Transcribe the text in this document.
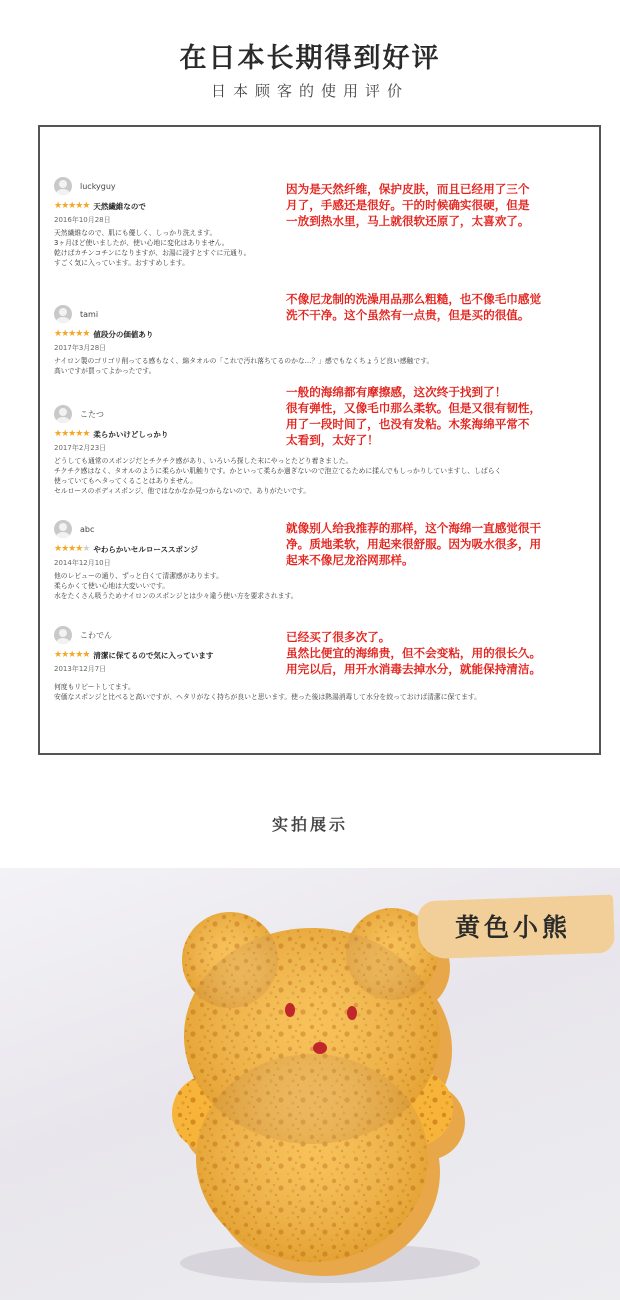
在日本长期得到好评
日本顾客的使用评价
luckyguy
★★★★★ 天然繊維なので
2016年10月28日

天然繊維なので、肌にも優しく、しっかり洗えます。

3ヶ月ほど使いましたが、使い心地に変化はありません。

乾けばカチンコチンになりますが、お湯に浸すとすぐに元通り。

すごく気に入っています。おすすめします。

因为是天然纤维，保护皮肤，而且已经用了三个

月了，手感还是很好。干的时候确实很硬，但是

一放到热水里，马上就很软还原了，太喜欢了。

tami
★★★★★ 値段分の価値あり
2017年3月28日

ナイロン製のゴリゴリ削ってる感もなく、綿タオルの「これで汚れ落ちてるのかな…？」感でもなくちょうど良い感触です。

高いですが買ってよかったです。

不像尼龙制的洗澡用品那么粗糙，也不像毛巾感觉

洗不干净。这个虽然有一点贵，但是买的很值。

こたつ
★★★★★ 柔らかいけどしっかり
2017年2月23日

どうしても通常のスポンジだとチクチク感があり、いろいろ探した末にやっとたどり着きました。

チクチク感はなく、タオルのように柔らかい肌触りです。かといって柔らか過ぎないので泡立てるために揉んでもしっかりしていますし、しばらく

使っていてもヘタってくることはありません。

セルロースのボディスポンジ、他ではなかなか見つからないので、ありがたいです。

一般的海绵都有摩擦感，这次终于找到了！

很有弹性，又像毛巾那么柔软。但是又很有韧性，

用了一段时间了，也没有发粘。木浆海绵平常不

太看到，太好了！

abc
★★★★★ やわらかいセルローススポンジ
2014年12月10日

他のレビューの通り、ずっと白くて清潔感があります。

柔らかくて使い心地は大変いいです。

水をたくさん吸うためナイロンのスポンジとは少々違う使い方を要求されます。

就像别人给我推荐的那样，这个海绵一直感觉很干

净。质地柔软，用起来很舒服。因为吸水很多，用

起来不像尼龙浴网那样。

こわでん
★★★★★ 清潔に保てるので気に入っています
2013年12月7日

何度もリピートしてます。

安価なスポンジと比べると高いですが、ヘタリがなく持ちが良いと思います。使った後は熱湯消毒して水分を絞っておけば清潔に保てます。

已经买了很多次了。

虽然比便宜的海绵贵，但不会变粘，用的很长久。

用完以后，用开水消毒去掉水分，就能保持清洁。

实拍展示
黄色小熊
